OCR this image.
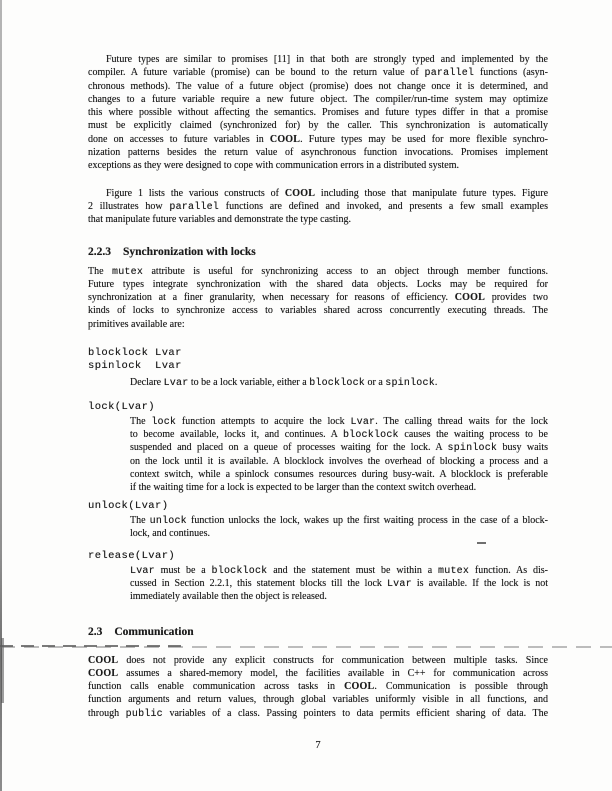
Future types are similar to promises [11] in that both are strongly typed and implemented by the
compiler. A future variable (promise) can be bound to the return value of parallel functions (asyn-
chronous methods). The value of a future object (promise) does not change once it is determined, and
changes to a future variable require a new future object. The compiler/run-time system may optimize
this where possible without affecting the semantics. Promises and future types differ in that a promise
must be explicitly claimed (synchronized for) by the caller. This synchronization is automatically
done on accesses to future variables in COOL. Future types may be used for more flexible synchro-
nization patterns besides the return value of asynchronous function invocations. Promises implement
exceptions as they were designed to cope with communication errors in a distributed system.
Figure 1 lists the various constructs of COOL including those that manipulate future types. Figure
2 illustrates how parallel functions are defined and invoked, and presents a few small examples
that manipulate future variables and demonstrate the type casting.
2.2.3 Synchronization with locks
The mutex attribute is useful for synchronizing access to an object through member functions.
Future types integrate synchronization with the shared data objects. Locks may be required for
synchronization at a finer granularity, when necessary for reasons of efficiency. COOL provides two
kinds of locks to synchronize access to variables shared across concurrently executing threads. The
primitives available are:
blocklock Lvar
spinlock  Lvar
Declare Lvar to be a lock variable, either a blocklock or a spinlock.
lock(Lvar)
The lock function attempts to acquire the lock Lvar. The calling thread waits for the lock
to become available, locks it, and continues. A blocklock causes the waiting process to be
suspended and placed on a queue of processes waiting for the lock. A spinlock busy waits
on the lock until it is available. A blocklock involves the overhead of blocking a process and a
context switch, while a spinlock consumes resources during busy-wait. A blocklock is preferable
if the waiting time for a lock is expected to be larger than the context switch overhead.
unlock(Lvar)
The unlock function unlocks the lock, wakes up the first waiting process in the case of a block-
lock, and continues.
release(Lvar)
Lvar must be a blocklock and the statement must be within a mutex function. As dis-
cussed in Section 2.2.1, this statement blocks till the lock Lvar is available. If the lock is not
immediately available then the object is released.
2.3 Communication
COOL does not provide any explicit constructs for communication between multiple tasks. Since
COOL assumes a shared-memory model, the facilities available in C++ for communication across
function calls enable communication across tasks in COOL. Communication is possible through
function arguments and return values, through global variables uniformly visible in all functions, and
through public variables of a class. Passing pointers to data permits efficient sharing of data. The
7
